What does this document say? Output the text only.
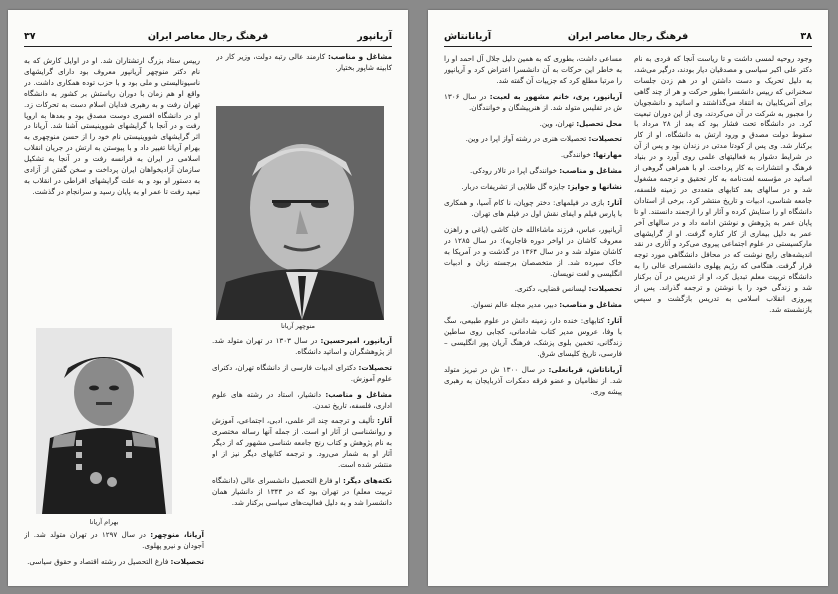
آریانپور
فرهنگ رجال معاصر ایران
۳۷

مشاغل و مناصب: کارمند عالی رتبه دولت، وزیر کار در کابینه شاپور بختیار.

منوچهر آریانا

رییس ستاد بزرگ ارتشتاران شد. او در اوایل کارش که به نام دکتر منوچهر آریانپور معروف بود دارای گرایشهای ناسیونالیستی و ملی بود و با حزب توده همکاری داشت. در واقع او هم زمان با دوران ریاستش بر کشور به دانشگاه تهران رفت و به رهبری فدایان اسلام دست به تحرکات زد. او در دانشگاه افسری دوست مصدق بود و بعدها به اروپا رفت و در آنجا با گرایشهای شووینیستی آشنا شد. آریانا در اثر گرایشهای شووینیستی نام خود را از حسن منوچهری به بهرام آریانا تغییر داد و با پیوستن به ارتش در جریان انقلاب اسلامی در ایران به فرانسه رفت و در آنجا به تشکیل سازمان آزادیخواهان ایران پرداخت و سخن گفتن از آزادی به دستور او بود و به علت گرایشهای افراطی در انقلاب به تبعید رفت تا عمر او به پایان رسید و سرانجام در گذشت.

بهرام آریانا

آریانپور، امیرحسین: در سال ۱۳۰۳ در تهران متولد شد. از پژوهشگران و اساتید دانشگاه.

تحصیلات: دکترای ادبیات فارسی از دانشگاه تهران، دکترای علوم آموزش.

مشاغل و مناصب: دانشیار، استاد در رشته های علوم اداری، فلسفه، تاریخ تمدن.

آثار: تألیف و ترجمه چند اثر علمی، ادبی، اجتماعی، آموزش و روانشناسی از آثار او است. از جمله آنها رساله مختصری به نام پژوهش و کتاب رنج جامعه شناسی مشهور که از دیگر آثار او به شمار می‌رود. و ترجمه کتابهای دیگر نیز از او منتشر شده است.

نکته‌های دیگر: او فارغ التحصیل دانشسرای عالی (دانشگاه تربیت معلم) در تهران بود که در ۱۳۴۳ از دانشیار همان دانشسرا شد و به دلیل فعالیت‌های سیاسی برکنار شد.

آریانا، منوچهر: در سال ۱۲۹۷ در تهران متولد شد. از آجودان و نیرو پهلوی.

تحصیلات: فارغ التحصیل در رشته اقتصاد و حقوق سیاسی.

۳۸
فرهنگ رجال معاصر ایران
آریانانتاش

وجود روحیه لمسی داشت و تا ریاست آنجا که فردی به نام دکتر علی اکبر سیاسی و مصدقیان دیار بودند، درگیر می‌شد، به دلیل تحریک و دست داشتن او در هم زدن جلسات سخنرانی که رییس دانشسرا بطور حرکت و هر از چند گاهی برای آمریکاییان به انتقاد می‌گذاشتند و اساتید و دانشجویان را مجبور به شرکت در آن می‌کردند، وی از این دوران تبعیت کرد. در دانشگاه تحت فشار بود که بعد از ۲۸ مرداد با سقوط دولت مصدق و ورود ارتش به دانشگاه، او از کار برکنار شد. وی پس از کودتا مدتی در زندان بود و پس از آن در شرایط دشوار به فعالیتهای علمی روی آورد و در بنیاد فرهنگ و انتشارات به کار پرداخت. او با همراهی گروهی از اساتید در مؤسسه لغت‌نامه به کار تحقیق و ترجمه مشغول شد و در سالهای بعد کتابهای متعددی در زمینه فلسفه، جامعه شناسی، ادبیات و تاریخ منتشر کرد. برخی از استادان دانشگاه او را ستایش کرده و آثار او را ارجمند دانستند. او تا پایان عمر به پژوهش و نوشتن ادامه داد و در سالهای آخر عمر به دلیل بیماری از کار کناره گرفت. او از گرایشهای مارکسیستی در علوم اجتماعی پیروی می‌کرد و آثاری در نقد اندیشه‌های رایج نوشت که در محافل دانشگاهی مورد توجه قرار گرفت. هنگامی که رژیم پهلوی دانشسرای عالی را به دانشگاه تربیت معلم تبدیل کرد، او از تدریس در آن برکنار شد و زندگی خود را با نوشتن و ترجمه گذراند. پس از پیروزی انقلاب اسلامی به تدریس بازگشت و سپس بازنشسته شد.

مساعی داشت، بطوری که به همین دلیل جلال آل احمد او را به خاطر این حرکات به آن دانشسرا اعتراض کرد و آریانپور را مرتبا مطلع کرد که جزییات آن گفته شد.

آریانپور، پری، خانم مشهور به لعبت: در سال ۱۳۰۶ ش در تفلیس متولد شد. از هنرپیشگان و خوانندگان.

محل تحصیل: تهران، وین.

تحصیلات: تحصیلات هنری در رشته آواز اپرا در وین.

مهارتها: خوانندگی.

مشاغل و مناصب: خوانندگی اپرا در تالار رودکی.

نشانها و جوایز: جایزه گل طلایی از تشریفات دربار.

آثار: بازی در فیلمهای: دختر چوپان، نا کام آسیا، و همکاری با پارس فیلم و ایفای نقش اول در فیلم های تهران.

آریانپور، عباس، فرزند ماشاءالله خان کاشی (یاغی و راهزن معروف کاشان در اواخر دوره قاجاریه): در سال ۱۲۸۵ در کاشان متولد شد و در سال ۱۳۶۴ در گذشت و در آمریکا به خاک سپرده شد. از متخصصان برجسته زبان و ادبیات انگلیسی و لغت نویسان.

تحصیلات: لیسانس قضایی، دکتری.

مشاغل و مناصب: دبیر، مدیر مجله عالم نسوان.

آثار: کتابهای: خنده دار، زمینه دانش در علوم طبیعی، سگ با وفا، عروس مدیر کتاب شادمانی، کجابی روی ساطین زندگانی، تخمین بلوی پزشک، فرهنگ آریان پور انگلیسی – فارسی، تاریخ کلیسای شرق.

آریاناتاش، قربانعلی: در سال ۱۳۰۰ ش در تبریز متولد شد. از نظامیان و عضو فرقه دمکرات آذربایجان به رهبری پیشه وری.
